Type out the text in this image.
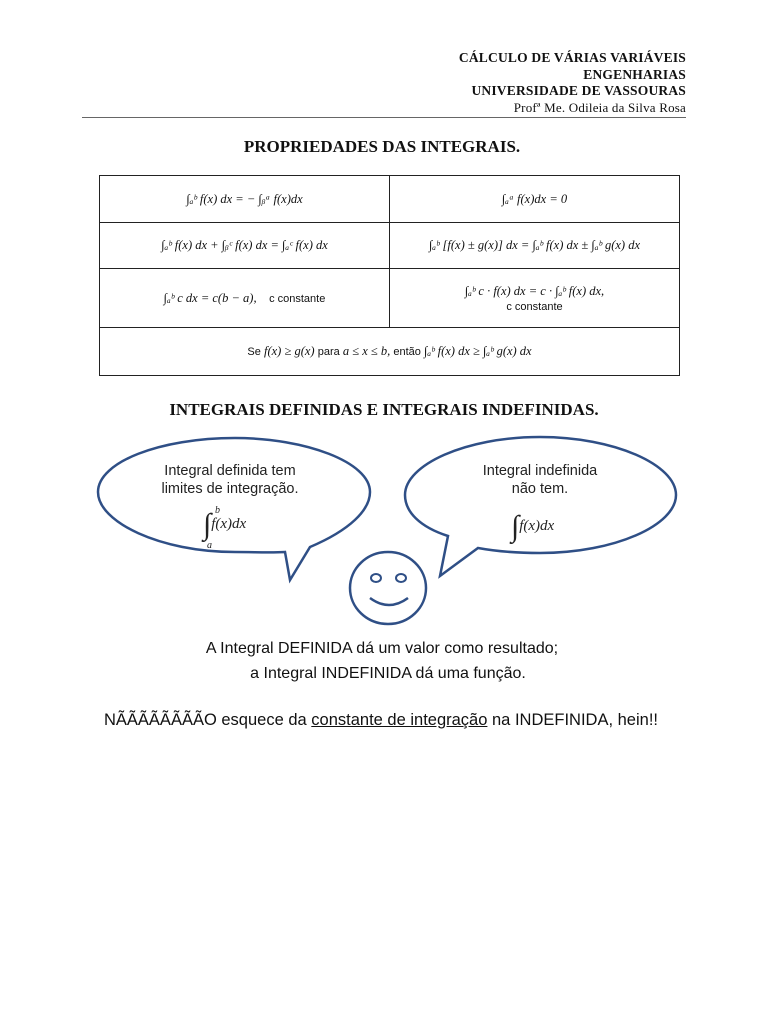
CÁLCULO DE VÁRIAS VARIÁVEIS
ENGENHARIAS
UNIVERSIDADE DE VASSOURAS
Profª Me. Odileia da Silva Rosa
PROPRIEDADES DAS INTEGRAIS.
∫ₐᵇ f(x) dx = − ∫ᵦᵃ f(x)dx	∫ₐᵃ f(x)dx = 0
∫ₐᵇ f(x) dx + ∫ᵦᶜ f(x) dx = ∫ₐᶜ f(x) dx	∫ₐᵇ [f(x) ± g(x)] dx = ∫ₐᵇ f(x) dx ± ∫ₐᵇ g(x) dx
∫ₐᵇ c dx = c(b − a), c constante	∫ₐᵇ c · f(x) dx = c · ∫ₐᵇ f(x) dx,
c constante

Se f(x) ≥ g(x) para a ≤ x ≤ b, então ∫ₐᵇ f(x) dx ≥ ∫ₐᵇ g(x) dx	
INTEGRAIS DEFINIDAS E INTEGRAIS INDEFINIDAS.
Integral definida tem
limites de integração.
∫f(x)dx
b
a
Integral indefinida
não tem.
∫f(x)dx
A Integral DEFINIDA dá um valor como resultado;
a Integral INDEFINIDA dá uma função.
NÃÃÃÃÃÃÃÃO esquece da constante de integração na INDEFINIDA, hein!!
